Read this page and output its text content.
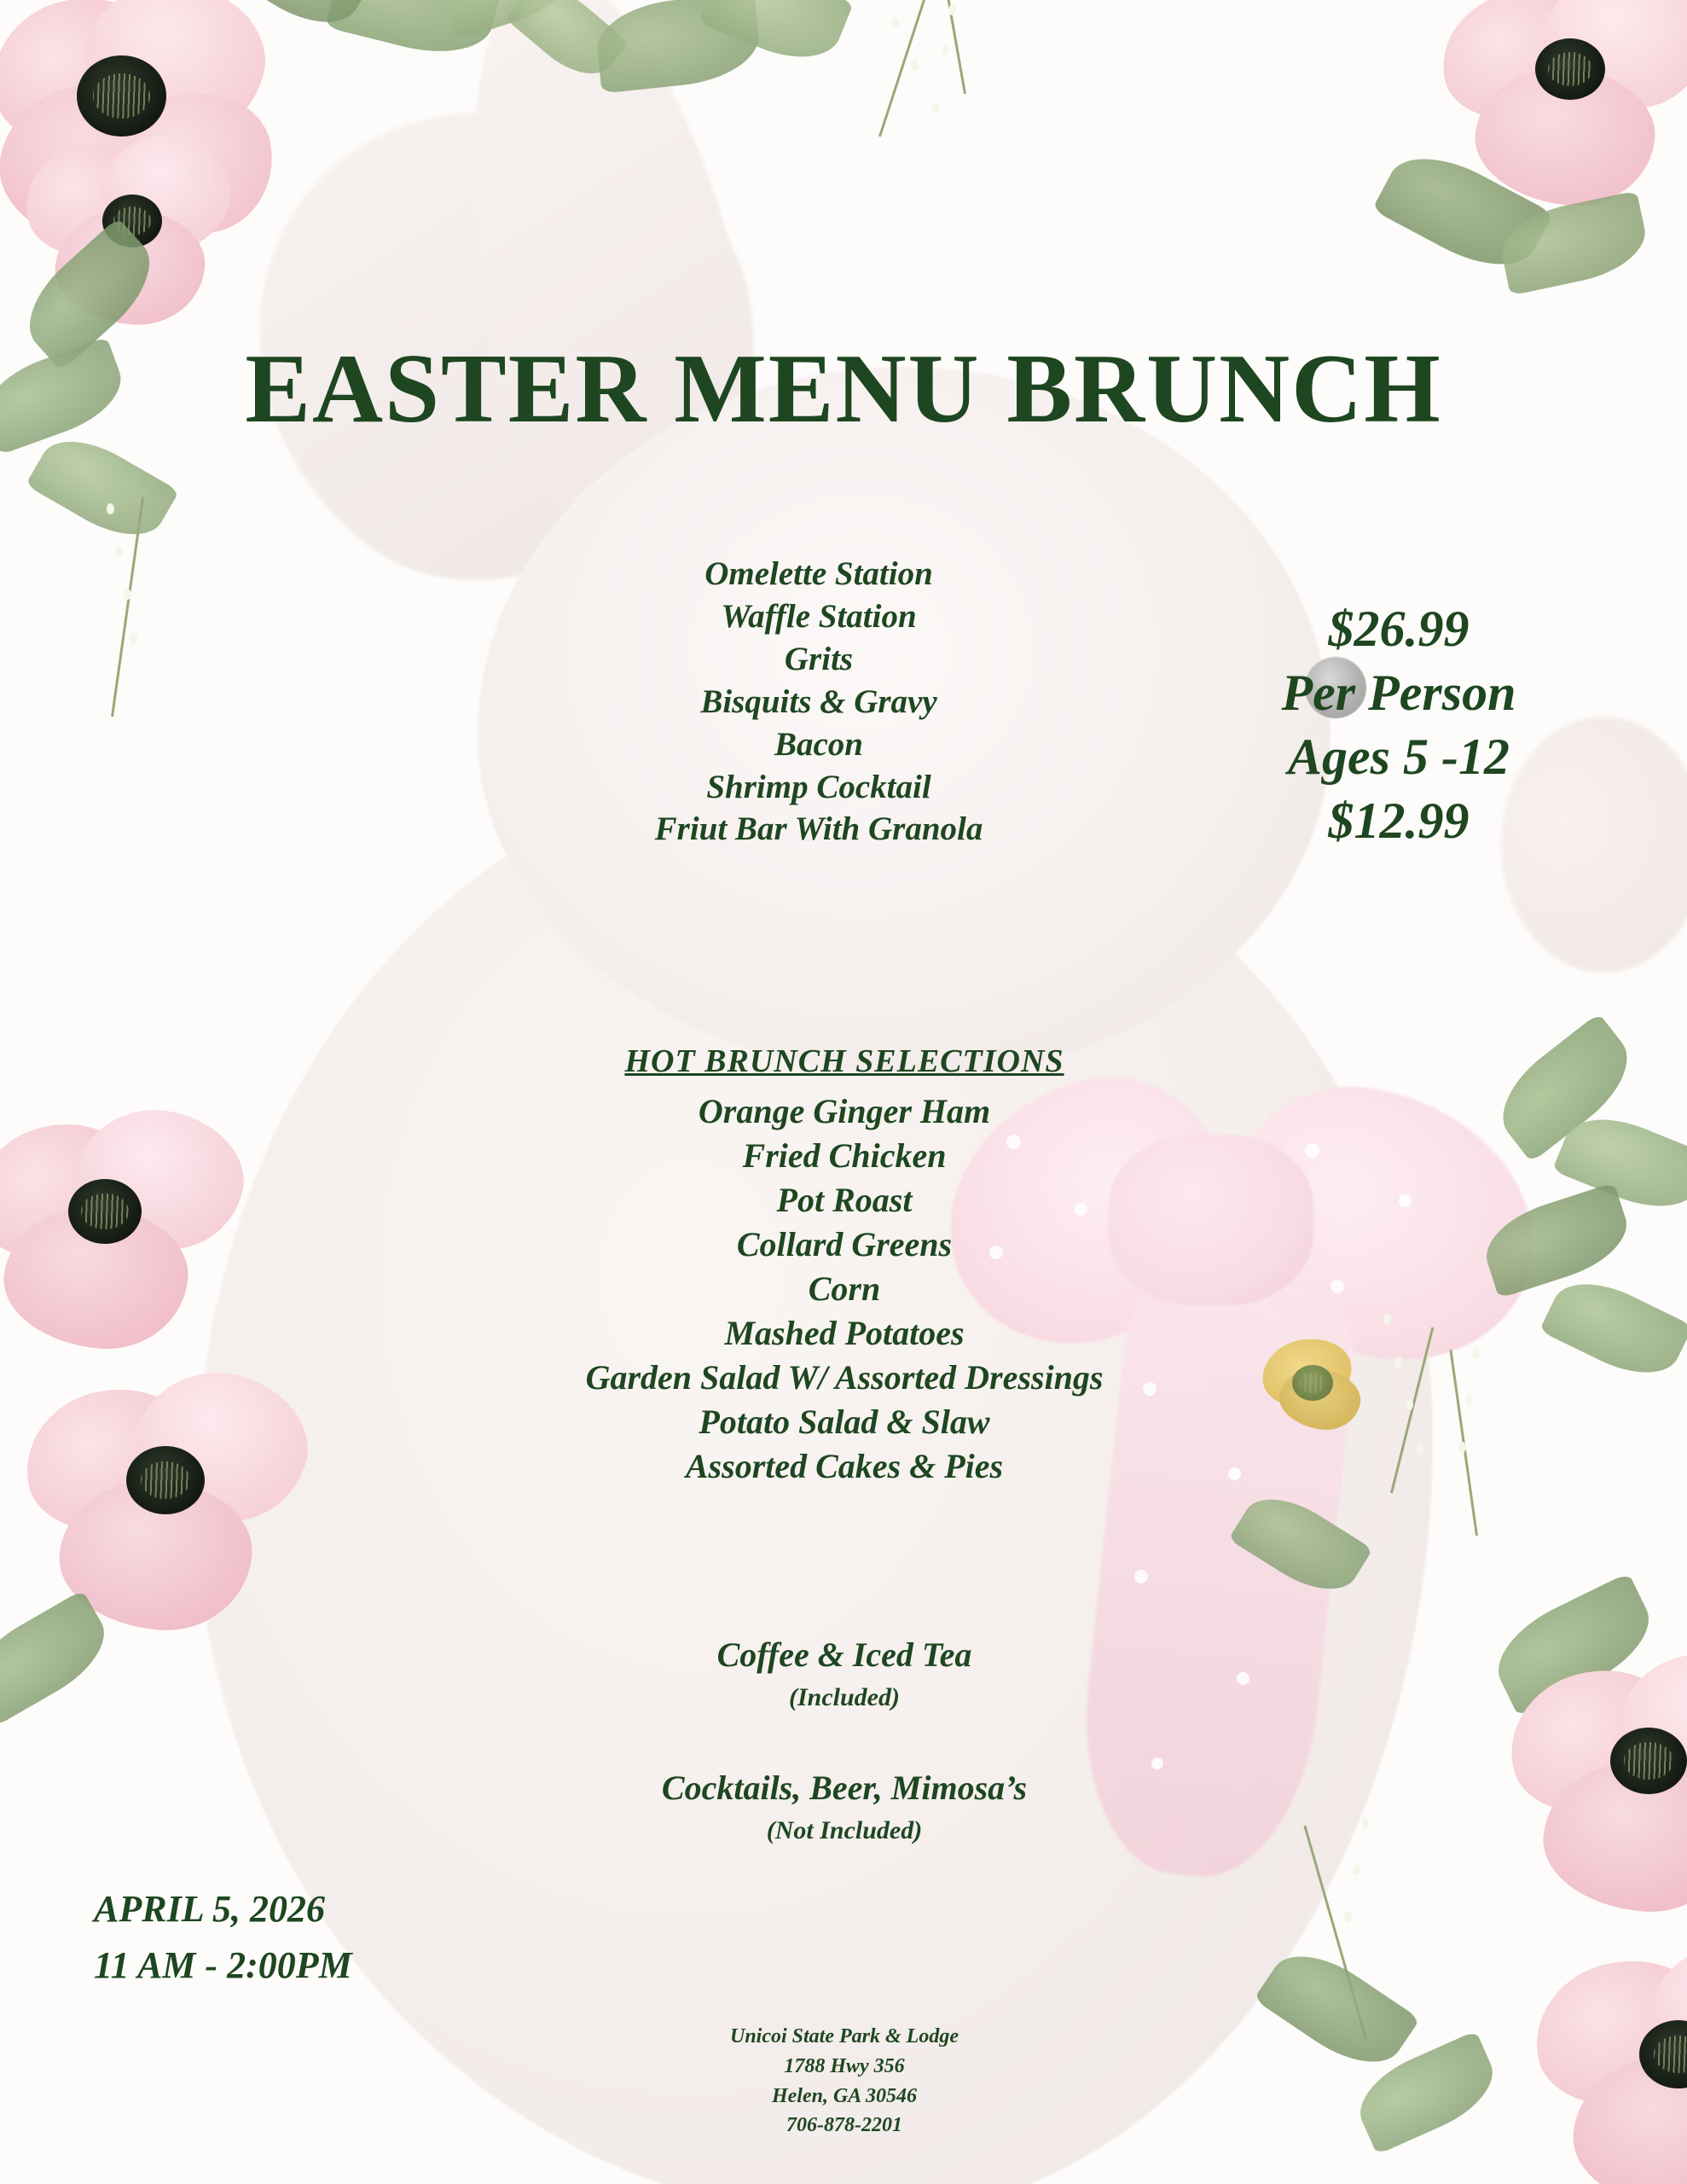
EASTER MENU BRUNCH
Omelette Station
Waffle Station
Grits
Bisquits & Gravy
Bacon
Shrimp Cocktail
Friut Bar With Granola
$26.99
Per Person
Ages 5 -12
$12.99
HOT BRUNCH SELECTIONS
Orange Ginger Ham
Fried Chicken
Pot Roast
Collard Greens
Corn
Mashed Potatoes
Garden Salad W/ Assorted Dressings
Potato Salad & Slaw
Assorted Cakes & Pies
Coffee & Iced Tea
(Included)
Cocktails, Beer, Mimosa’s
(Not Included)
APRIL 5, 2026
11 AM - 2:00PM
Unicoi State Park & Lodge
1788 Hwy 356
Helen, GA 30546
706-878-2201
